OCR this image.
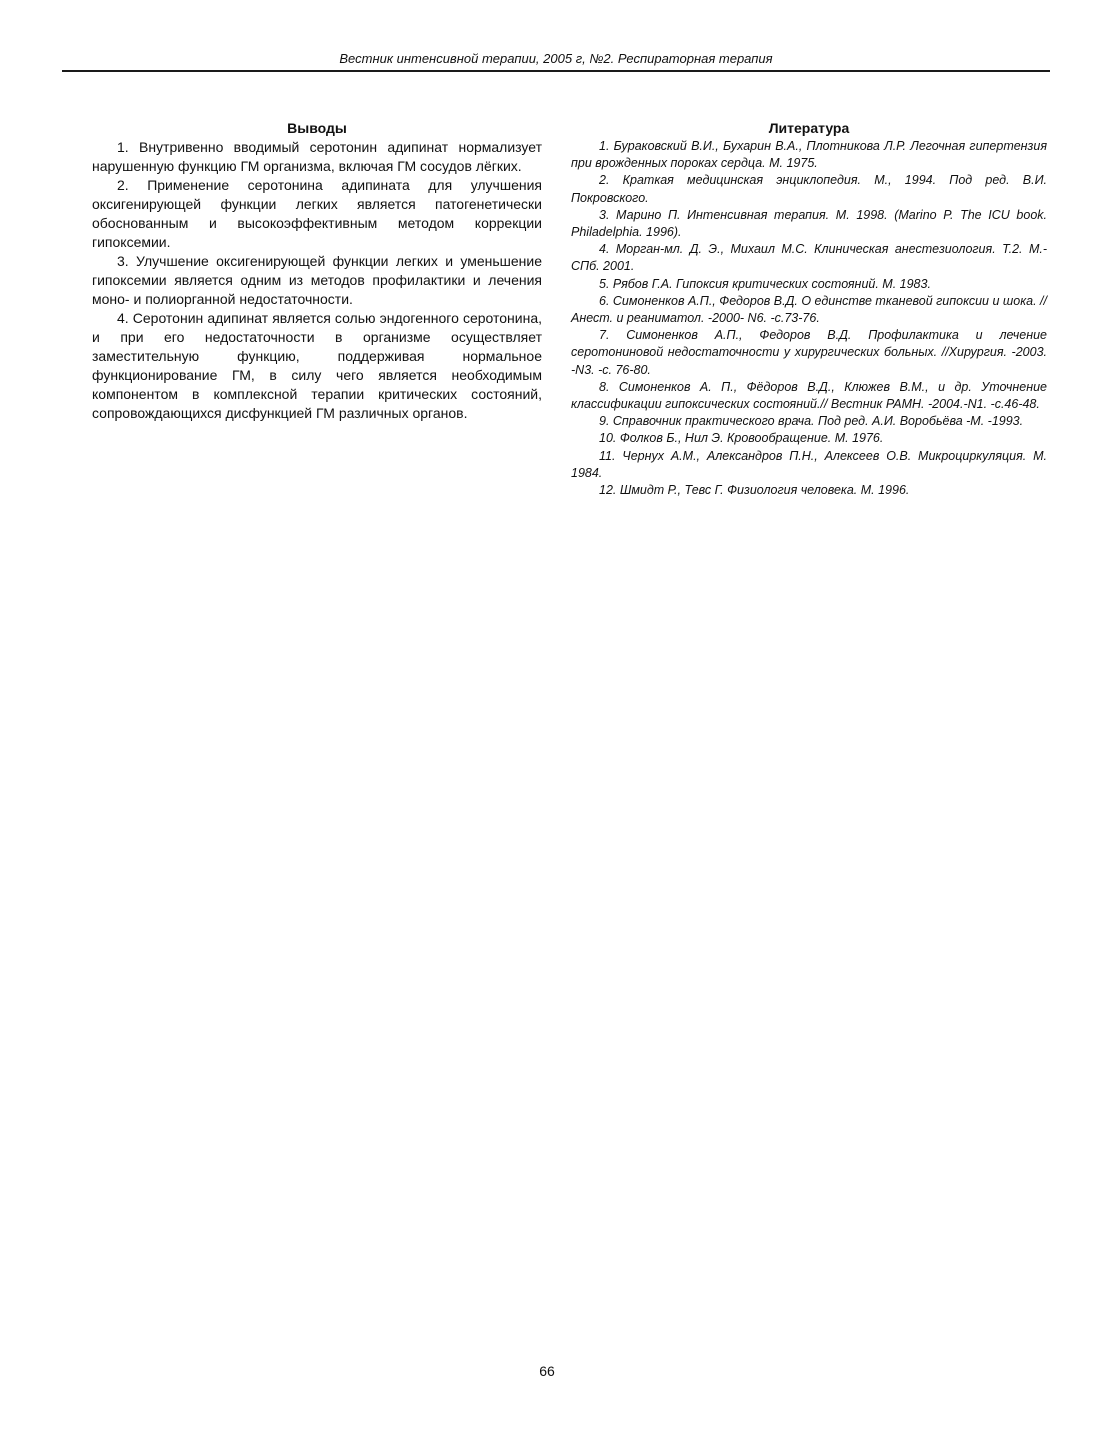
Вестник интенсивной терапии, 2005 г, №2. Респираторная терапия
Выводы

1. Внутривенно вводимый серотонин адипинат нормализует нарушенную функцию ГМ организма, включая ГМ сосудов лёгких.

2. Применение серотонина адипината для улучшения оксигенирующей функции легких является патогенетически обоснованным и высокоэффективным методом коррекции гипоксемии.

3. Улучшение оксигенирующей функции легких и уменьшение гипоксемии является одним из методов профилактики и лечения моно- и полиорганной недостаточности.

4. Серотонин адипинат является солью эндогенного серотонина, и при его недостаточности в организме осуществляет заместительную функцию, поддерживая нормальное функционирование ГМ, в силу чего является необходимым компонентом в комплексной терапии критических состояний, сопровождающихся дисфункцией ГМ различных органов.

Литература

1. Бураковский В.И., Бухарин В.А., Плотникова Л.Р. Легочная гипертензия при врожденных пороках сердца. М. 1975.

2. Краткая медицинская энциклопедия. М., 1994. Под ред. В.И. Покровского.

3. Марино П. Интенсивная терапия. М. 1998. (Marino P. The ICU book. Philadelphia. 1996).

4. Морган-мл. Д. Э., Михаил М.С. Клиническая анестезиология. Т.2. М.-СПб. 2001.

5. Рябов Г.А. Гипоксия критических состояний. М. 1983.

6. Симоненков А.П., Федоров В.Д. О единстве тканевой гипоксии и шока. //Анест. и реаниматол. -2000- N6. -с.73-76.

7. Симоненков А.П., Федоров В.Д. Профилактика и лечение серотониновой недостаточности у хирургических больных. //Хирургия. -2003. -N3. -с. 76-80.

8. Симоненков А. П., Фёдоров В.Д., Клюжев В.М., и др. Уточнение классификации гипоксических состояний.// Вестник РАМН. -2004.-N1. -с.46-48.

9. Справочник практического врача. Под ред. А.И. Воробьёва -М. -1993.

10. Фолков Б., Нил Э. Кровообращение. М. 1976.

11. Чернух А.М., Александров П.Н., Алексеев О.В. Микроциркуляция. М. 1984.

12. Шмидт Р., Тевс Г. Физиология человека. М. 1996.

66
